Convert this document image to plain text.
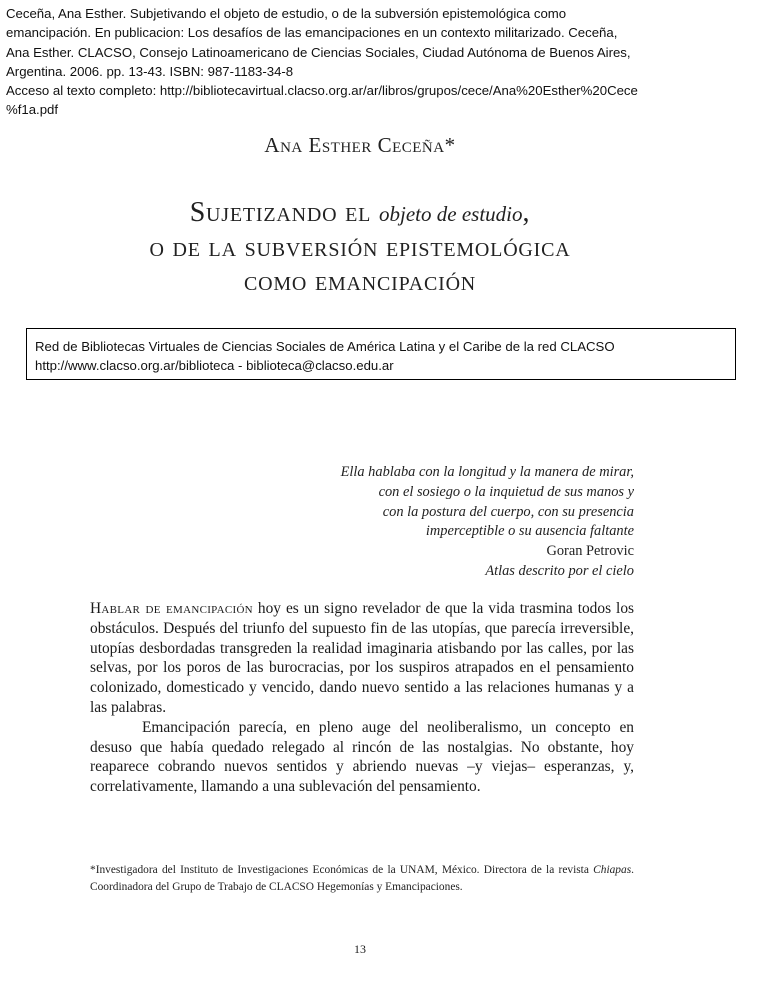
Ceceña, Ana Esther. Subjetivando el objeto de estudio, o de la subversión epistemológica como
emancipación. En publicacion: Los desafíos de las emancipaciones en un contexto militarizado. Ceceña,
Ana Esther. CLACSO, Consejo Latinoamericano de Ciencias Sociales, Ciudad Autónoma de Buenos Aires,
Argentina. 2006. pp. 13-43. ISBN: 987-1183-34-8
Acceso al texto completo: http://bibliotecavirtual.clacso.org.ar/ar/libros/grupos/cece/Ana%20Esther%20Cece
%f1a.pdf
Ana Esther Ceceña*
Sujetizando el objeto de estudio,
o de la subversión epistemológica
como emancipación
Red de Bibliotecas Virtuales de Ciencias Sociales de América Latina y el Caribe de la red CLACSO
http://www.clacso.org.ar/biblioteca - biblioteca@clacso.edu.ar
Ella hablaba con la longitud y la manera de mirar,
con el sosiego o la inquietud de sus manos y
con la postura del cuerpo, con su presencia
imperceptible o su ausencia faltante
Goran Petrovic
Atlas descrito por el cielo

Hablar de emancipación hoy es un signo revelador de que la vida trasmina todos los obstáculos. Después del triunfo del supuesto fin de las utopías, que parecía irreversible, utopías desbordadas transgreden la realidad imaginaria atisbando por las calles, por las selvas, por los poros de las burocracias, por los suspiros atrapados en el pensamiento colonizado, domesticado y vencido, dando nuevo sentido a las relaciones humanas y a las palabras.

Emancipación parecía, en pleno auge del neoliberalismo, un concepto en desuso que había quedado relegado al rincón de las nostalgias. No obstante, hoy reaparece cobrando nuevos sentidos y abriendo nuevas –y viejas– esperanzas, y, correlativamente, llamando a una sublevación del pensamiento.

*Investigadora del Instituto de Investigaciones Económicas de la UNAM, México. Directora de la revista Chiapas. Coordinadora del Grupo de Trabajo de CLACSO Hegemonías y Emancipaciones.
13
